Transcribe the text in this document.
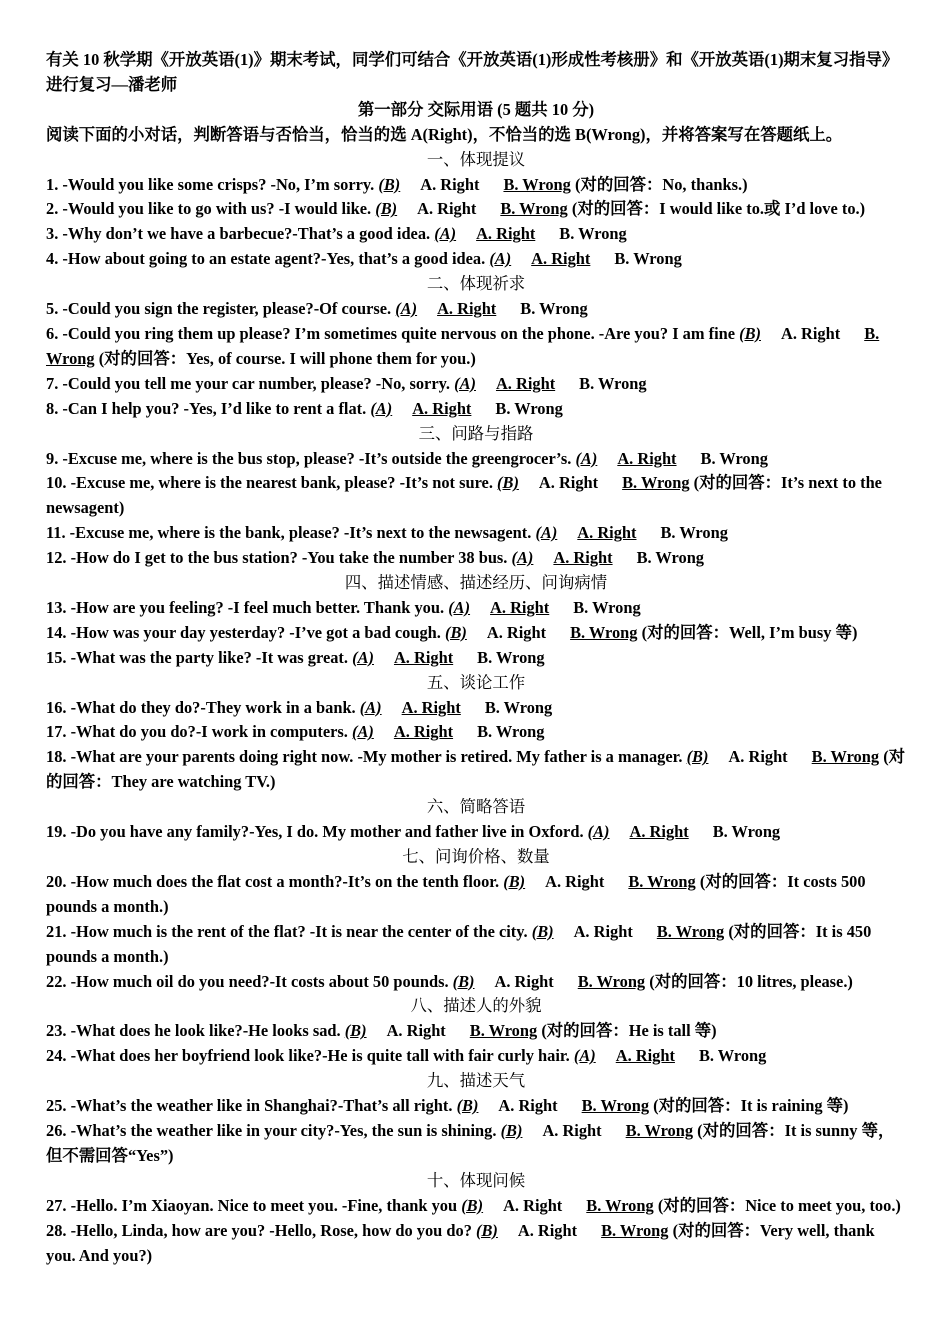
有关 10 秋学期《开放英语(1)》期末考试，同学们可结合《开放英语(1)形成性考核册》和《开放英语(1)期末复习指导》进行复习—潘老师

第一部分 交际用语 (5 题共 10 分)

阅读下面的小对话，判断答语与否恰当，恰当的选 A(Right)，不恰当的选 B(Wrong)，并将答案写在答题纸上。

一、体现提议

1. -Would you like some crisps? -No, I’m sorry. (B) A. Right B. Wrong (对的回答：No, thanks.)

2. -Would you like to go with us? -I would like. (B) A. Right B. Wrong (对的回答：I would like to.或 I’d love to.)

3. -Why don’t we have a barbecue?-That’s a good idea. (A) A. Right B. Wrong

4. -How about going to an estate agent?-Yes, that’s a good idea. (A) A. Right B. Wrong

二、体现祈求

5. -Could you sign the register, please?-Of course. (A) A. Right B. Wrong

6. -Could you ring them up please? I’m sometimes quite nervous on the phone. -Are you? I am fine (B) A. Right B. Wrong (对的回答：Yes, of course. I will phone them for you.)

7. -Could you tell me your car number, please? -No, sorry. (A) A. Right B. Wrong

8. -Can I help you? -Yes, I’d like to rent a flat. (A) A. Right B. Wrong

三、问路与指路

9. -Excuse me, where is the bus stop, please? -It’s outside the greengrocer’s. (A) A. Right B. Wrong

10. -Excuse me, where is the nearest bank, please? -It’s not sure. (B) A. Right B. Wrong (对的回答：It’s next to the newsagent)

11. -Excuse me, where is the bank, please? -It’s next to the newsagent. (A) A. Right B. Wrong

12. -How do I get to the bus station? -You take the number 38 bus. (A) A. Right B. Wrong

四、描述情感、描述经历、问询病情

13. -How are you feeling? -I feel much better. Thank you. (A) A. Right B. Wrong

14. -How was your day yesterday? -I’ve got a bad cough. (B) A. Right B. Wrong (对的回答：Well, I’m busy 等)

15. -What was the party like? -It was great. (A) A. Right B. Wrong

五、谈论工作

16. -What do they do?-They work in a bank. (A) A. Right B. Wrong

17. -What do you do?-I work in computers. (A) A. Right B. Wrong

18. -What are your parents doing right now. -My mother is retired. My father is a manager. (B) A. Right B. Wrong (对的回答：They are watching TV.)

六、简略答语

19. -Do you have any family?-Yes, I do. My mother and father live in Oxford. (A) A. Right B. Wrong

七、问询价格、数量

20. -How much does the flat cost a month?-It’s on the tenth floor. (B) A. Right B. Wrong (对的回答：It costs 500 pounds a month.)

21. -How much is the rent of the flat? -It is near the center of the city. (B) A. Right B. Wrong (对的回答：It is 450 pounds a month.)

22. -How much oil do you need?-It costs about 50 pounds. (B) A. Right B. Wrong (对的回答：10 litres, please.)

八、描述人的外貌

23. -What does he look like?-He looks sad. (B) A. Right B. Wrong (对的回答：He is tall 等)

24. -What does her boyfriend look like?-He is quite tall with fair curly hair. (A) A. Right B. Wrong

九、描述天气

25. -What’s the weather like in Shanghai?-That’s all right. (B) A. Right B. Wrong (对的回答：It is raining 等)

26. -What’s the weather like in your city?-Yes, the sun is shining. (B) A. Right B. Wrong (对的回答：It is sunny 等，但不需回答“Yes”)

十、体现问候

27. -Hello. I’m Xiaoyan. Nice to meet you. -Fine, thank you (B) A. Right B. Wrong (对的回答：Nice to meet you, too.)

28. -Hello, Linda, how are you? -Hello, Rose, how do you do? (B) A. Right B. Wrong (对的回答：Very well, thank you. And you?)
